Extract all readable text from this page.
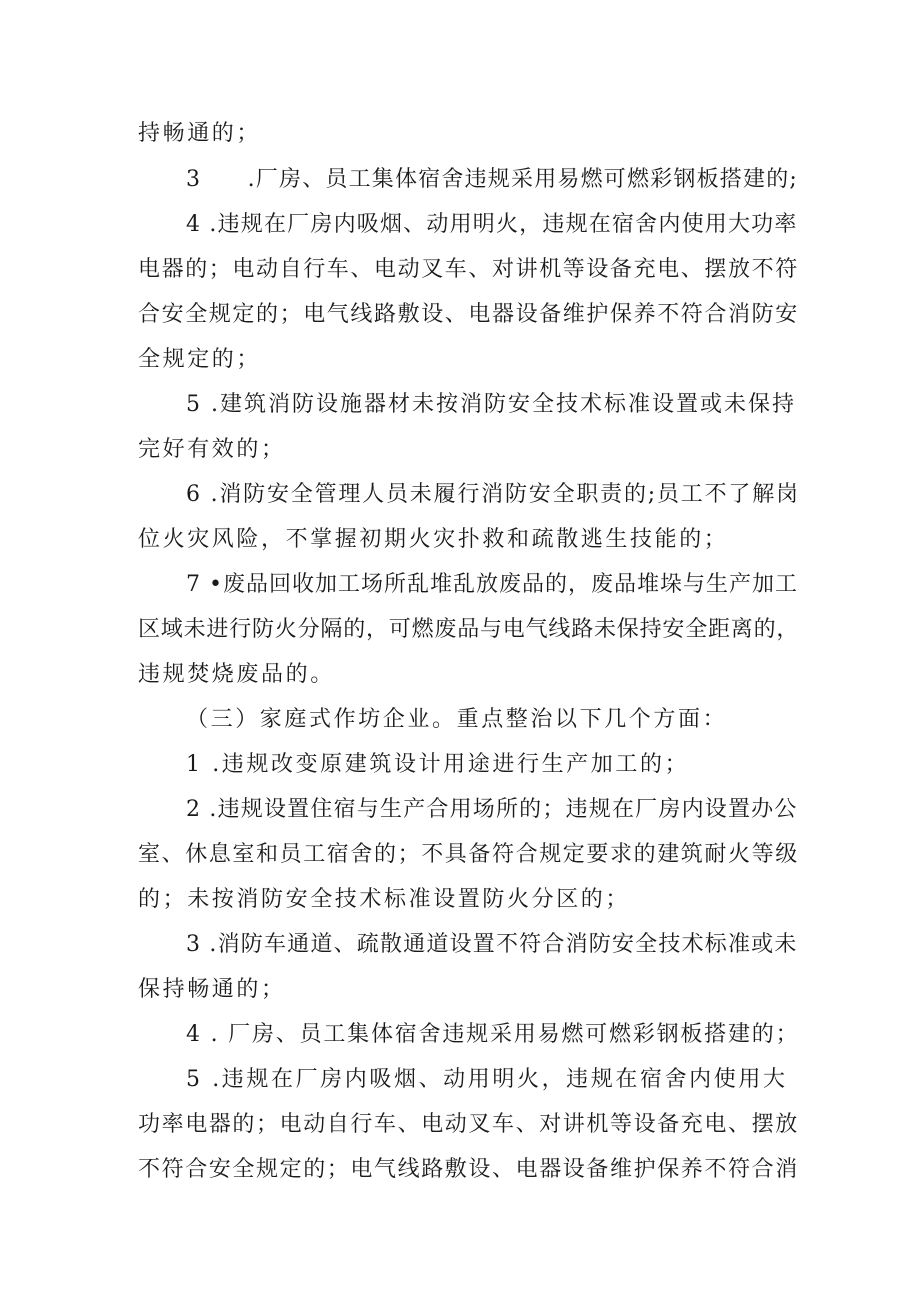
持畅通的；
3　　.厂房、员工集体宿舍违规采用易燃可燃彩钢板搭建的;
4 .违规在厂房内吸烟、动用明火，违规在宿舍内使用大功率
电器的；电动自行车、电动叉车、对讲机等设备充电、摆放不符
合安全规定的；电气线路敷设、电器设备维护保养不符合消防安
全规定的；
5 .建筑消防设施器材未按消防安全技术标准设置或未保持
完好有效的；
6 .消防安全管理人员未履行消防安全职责的;员工不了解岗
位火灾风险，不掌握初期火灾扑救和疏散逃生技能的；
7 •废品回收加工场所乱堆乱放废品的，废品堆垛与生产加工
区域未进行防火分隔的，可燃废品与电气线路未保持安全距离的，
违规焚烧废品的。
（三）家庭式作坊企业。重点整治以下几个方面：
1 .违规改变原建筑设计用途进行生产加工的；
2 .违规设置住宿与生产合用场所的；违规在厂房内设置办公
室、休息室和员工宿舍的；不具备符合规定要求的建筑耐火等级
的；未按消防安全技术标准设置防火分区的；
3 .消防车通道、疏散通道设置不符合消防安全技术标准或未
保持畅通的；
4 . 厂房、员工集体宿舍违规采用易燃可燃彩钢板搭建的；
5 .违规在厂房内吸烟、动用明火，违规在宿舍内使用大
功率电器的；电动自行车、电动叉车、对讲机等设备充电、摆放
不符合安全规定的；电气线路敷设、电器设备维护保养不符合消
